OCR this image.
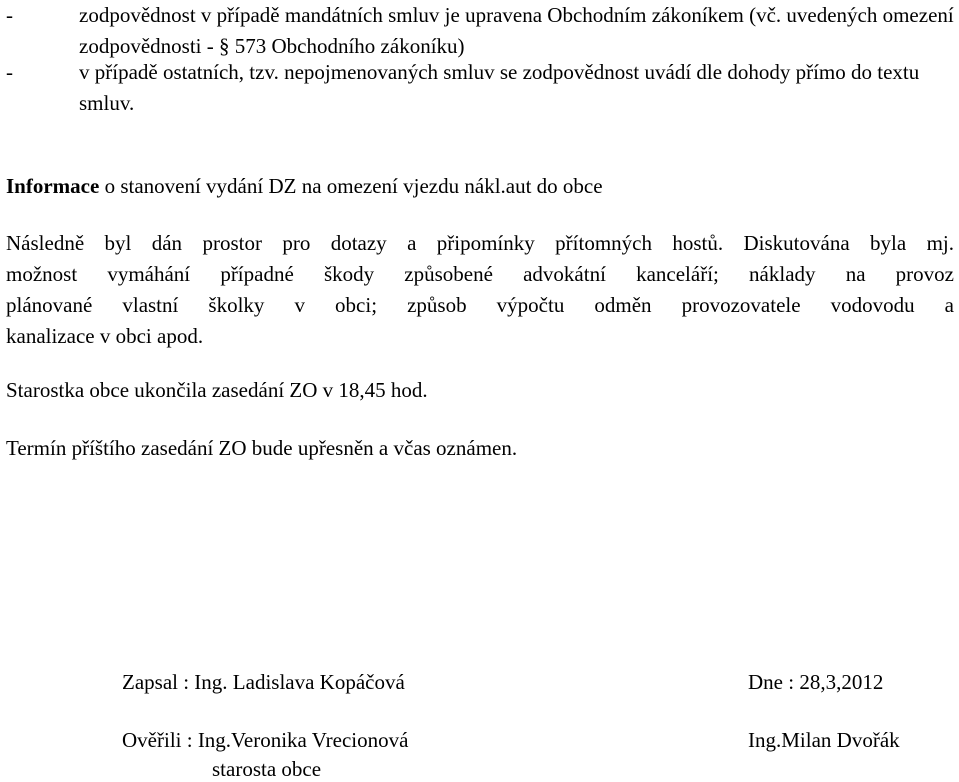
-	zodpovědnost v případě mandátních smluv je upravena Obchodním zákoníkem (vč. uvedených omezení zodpovědnosti - § 573 Obchodního zákoníku)
-	v případě ostatních, tzv. nepojmenovaných smluv se zodpovědnost uvádí dle dohody přímo do textu smluv.
Informace o stanovení vydání DZ na omezení vjezdu nákl.aut do obce
Následně byl dán prostor pro dotazy a připomínky přítomných hostů. Diskutována byla mj.
možnost vymáhání případné škody způsobené advokátní kanceláří; náklady na provoz
plánované vlastní školky v obci; způsob výpočtu odměn provozovatele vodovodu a
kanalizace v obci apod.
Starostka obce ukončila zasedání ZO v 18,45 hod.
Termín příštího zasedání ZO bude upřesněn a včas oznámen.
Zapsal : Ing. Ladislava Kopáčová	Dne : 28,3,2012
Ověřili : Ing.Veronika Vrecionová	Ing.Milan Dvořák
starosta obce
